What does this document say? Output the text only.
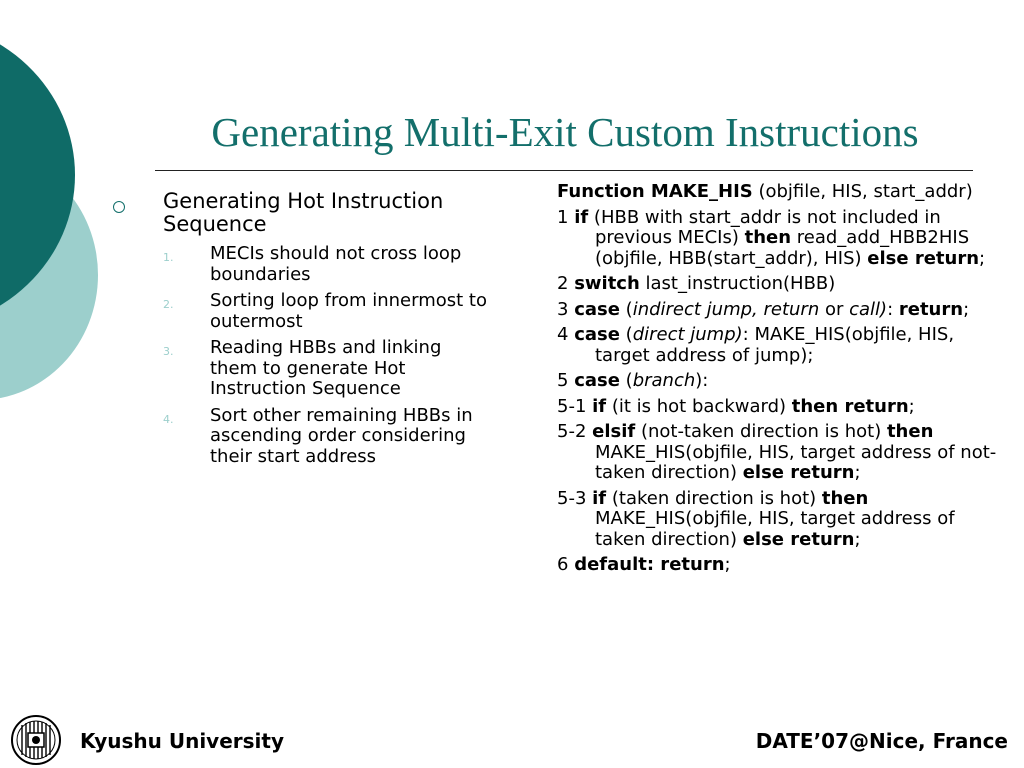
Generating Multi-Exit Custom Instructions
Generating Hot Instruction Sequence
1. MECIs should not cross loop boundaries
2. Sorting loop from innermost to outermost
3. Reading HBBs and linking them to generate Hot Instruction Sequence
4. Sort other remaining HBBs in ascending order considering their start address

Function MAKE_HIS (objfile, HIS, start_addr)

1 if (HBB with start_addr is not included in previous MECIs) then read_add_HBB2HIS (objfile, HBB(start_addr), HIS) else return;

2 switch last_instruction(HBB)

3 case (indirect jump, return or call): return;

4 case (direct jump): MAKE_HIS(objfile, HIS, target address of jump);

5 case (branch):

5-1 if (it is hot backward) then return;

5-2 elsif (not-taken direction is hot) then MAKE_HIS(objfile, HIS, target address of not-taken direction) else return;

5-3 if (taken direction is hot) then MAKE_HIS(objfile, HIS, target address of taken direction) else return;

6 default: return;

Kyushu University	DATE’07@Nice, France
